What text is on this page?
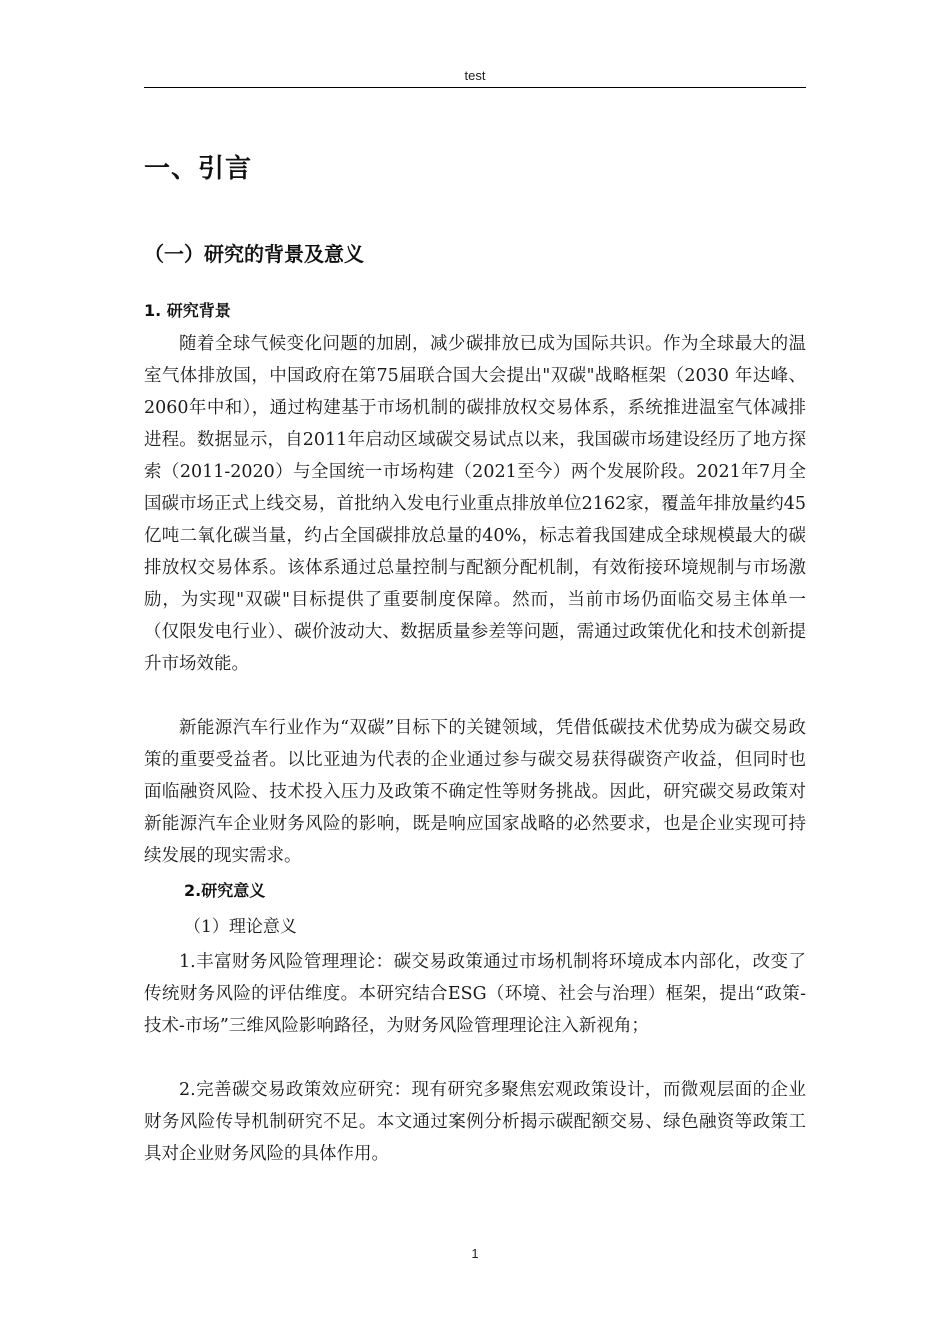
test
一、引言
（一）研究的背景及意义
1. 研究背景

随着全球气候变化问题的加剧，减少碳排放已成为国际共识。作为全球最大的温室气体排放国，中国政府在第75届联合国大会提出"双碳"战略框架（2030 年达峰、2060年中和），通过构建基于市场机制的碳排放权交易体系，系统推进温室气体减排进程。数据显示，自2011年启动区域碳交易试点以来，我国碳市场建设经历了地方探索（2011-2020）与全国统一市场构建（2021至今）两个发展阶段。2021年7月全国碳市场正式上线交易，首批纳入发电行业重点排放单位2162家，覆盖年排放量约45亿吨二氧化碳当量，约占全国碳排放总量的40%，标志着我国建成全球规模最大的碳排放权交易体系。该体系通过总量控制与配额分配机制，有效衔接环境规制与市场激励，为实现"双碳"目标提供了重要制度保障。然而，当前市场仍面临交易主体单一（仅限发电行业）、碳价波动大、数据质量参差等问题，需通过政策优化和技术创新提升市场效能。

新能源汽车行业作为“双碳”目标下的关键领域，凭借低碳技术优势成为碳交易政策的重要受益者。以比亚迪为代表的企业通过参与碳交易获得碳资产收益，但同时也面临融资风险、技术投入压力及政策不确定性等财务挑战。因此，研究碳交易政策对新能源汽车企业财务风险的影响，既是响应国家战略的必然要求，也是企业实现可持续发展的现实需求。

2.研究意义
（1）理论意义

1.丰富财务风险管理理论：碳交易政策通过市场机制将环境成本内部化，改变了传统财务风险的评估维度。本研究结合ESG（环境、社会与治理）框架，提出“政策-技术-市场”三维风险影响路径，为财务风险管理理论注入新视角；

2.完善碳交易政策效应研究：现有研究多聚焦宏观政策设计，而微观层面的企业财务风险传导机制研究不足。本文通过案例分析揭示碳配额交易、绿色融资等政策工具对企业财务风险的具体作用。

1
